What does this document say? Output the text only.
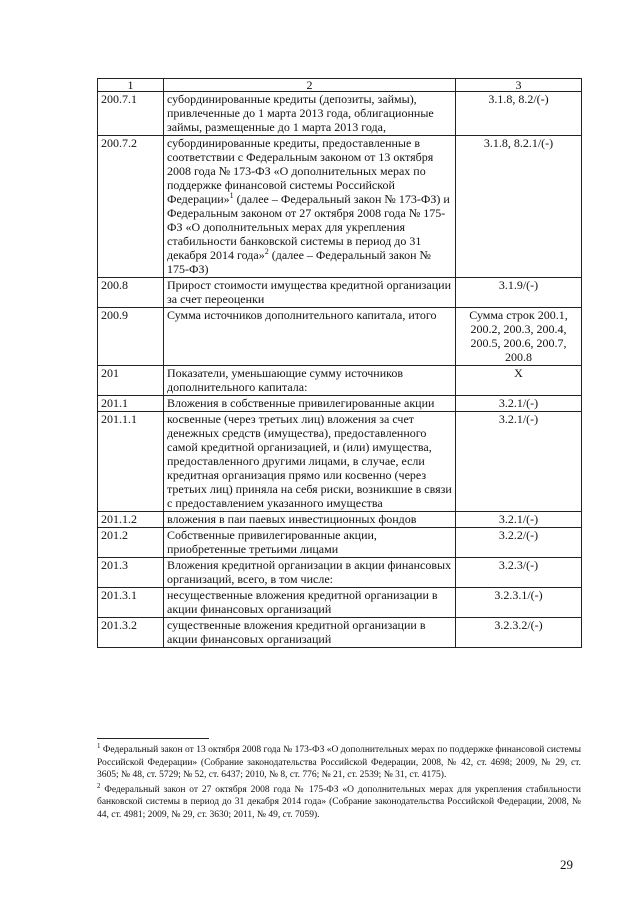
1	2	3
200.7.1	субординированные кредиты (депозиты, займы), привлеченные до 1 марта 2013 года, облигационные займы, размещенные до 1 марта 2013 года,	3.1.8, 8.2/(-)
200.7.2	субординированные кредиты, предоставленные в соответствии с Федеральным законом от 13 октября 2008 года № 173-ФЗ «О дополнительных мерах по поддержке финансовой системы Российской Федерации»$^1$ (далее – Федеральный закон № 173-ФЗ) и Федеральным законом от 27 октября 2008 года № 175-ФЗ «О дополнительных мерах для укрепления стабильности банковской системы в период до 31 декабря 2014 года»$^2$ (далее – Федеральный закон № 175-ФЗ)	3.1.8, 8.2.1/(-)
200.8	Прирост стоимости имущества кредитной организации за счет переоценки	3.1.9/(-)
200.9	Сумма источников дополнительного капитала, итого	Сумма строк 200.1, 200.2, 200.3, 200.4, 200.5, 200.6, 200.7, 200.8
201	Показатели, уменьшающие сумму источников дополнительного капитала:	X
201.1	Вложения в собственные привилегированные акции	3.2.1/(-)
201.1.1	косвенные (через третьих лиц) вложения за счет денежных средств (имущества), предоставленного самой кредитной организацией, и (или) имущества, предоставленного другими лицами, в случае, если кредитная организация прямо или косвенно (через третьих лиц) приняла на себя риски, возникшие в связи с предоставлением указанного имущества	3.2.1/(-)
201.1.2	вложения в паи паевых инвестиционных фондов	3.2.1/(-)
201.2	Собственные привилегированные акции, приобретенные третьими лицами	3.2.2/(-)
201.3	Вложения кредитной организации в акции финансовых организаций, всего, в том числе:	3.2.3/(-)
201.3.1	несущественные вложения кредитной организации в акции финансовых организаций	3.2.3.1/(-)
201.3.2	существенные вложения кредитной организации в акции финансовых организаций	3.2.3.2/(-)

$^1$ Федеральный закон от 13 октября 2008 года № 173-ФЗ «О дополнительных мерах по поддержке финансовой системы Российской Федерации» (Собрание законодательства Российской Федерации, 2008, № 42, ст. 4698; 2009, № 29, ст. 3605; № 48, ст. 5729; № 52, ст. 6437; 2010, № 8, ст. 776; № 21, ст. 2539; № 31, ст. 4175).

$^2$ Федеральный закон от 27 октября 2008 года № 175-ФЗ «О дополнительных мерах для укрепления стабильности банковской системы в период до 31 декабря 2014 года» (Собрание законодательства Российской Федерации, 2008, № 44, ст. 4981; 2009, № 29, ст. 3630; 2011, № 49, ст. 7059).

29
